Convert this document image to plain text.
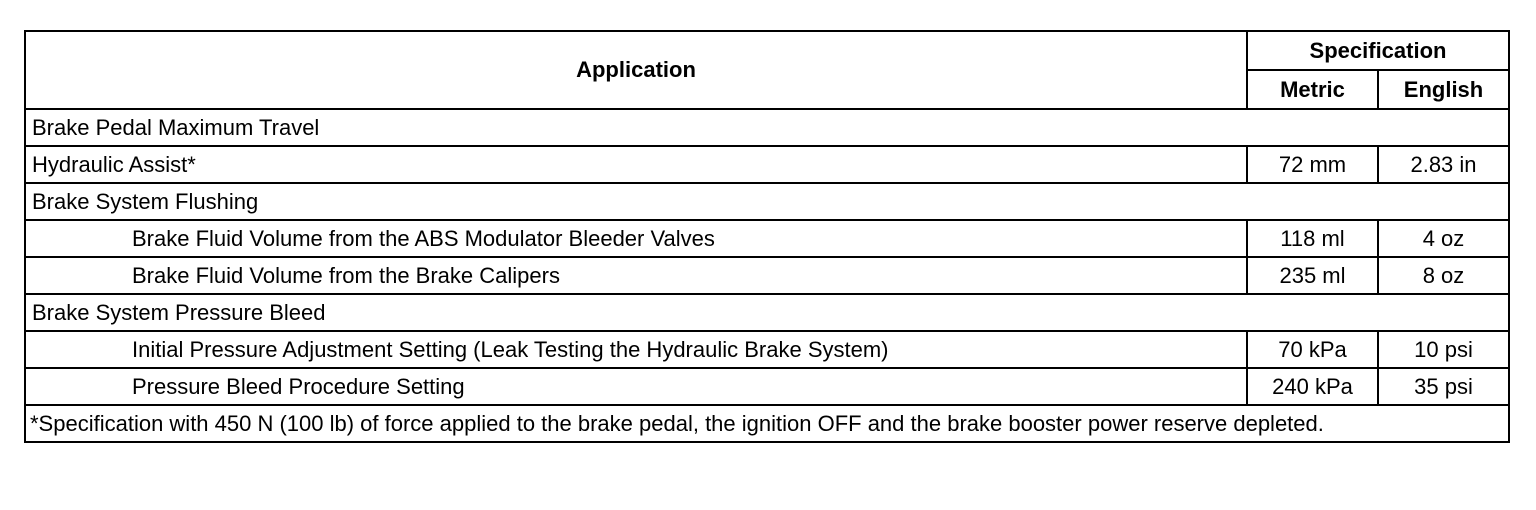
Application	Specification	
	Metric	English
Brake Pedal Maximum Travel		
Hydraulic Assist*	72 mm	2.83 in
Brake System Flushing		
Brake Fluid Volume from the ABS Modulator Bleeder Valves	118 ml	4 oz
Brake Fluid Volume from the Brake Calipers	235 ml	8 oz
Brake System Pressure Bleed		
Initial Pressure Adjustment Setting (Leak Testing the Hydraulic Brake System)	70 kPa	10 psi
Pressure Bleed Procedure Setting	240 kPa	35 psi
*Specification with 450 N (100 lb) of force applied to the brake pedal, the ignition OFF and the brake booster power reserve depleted.		
